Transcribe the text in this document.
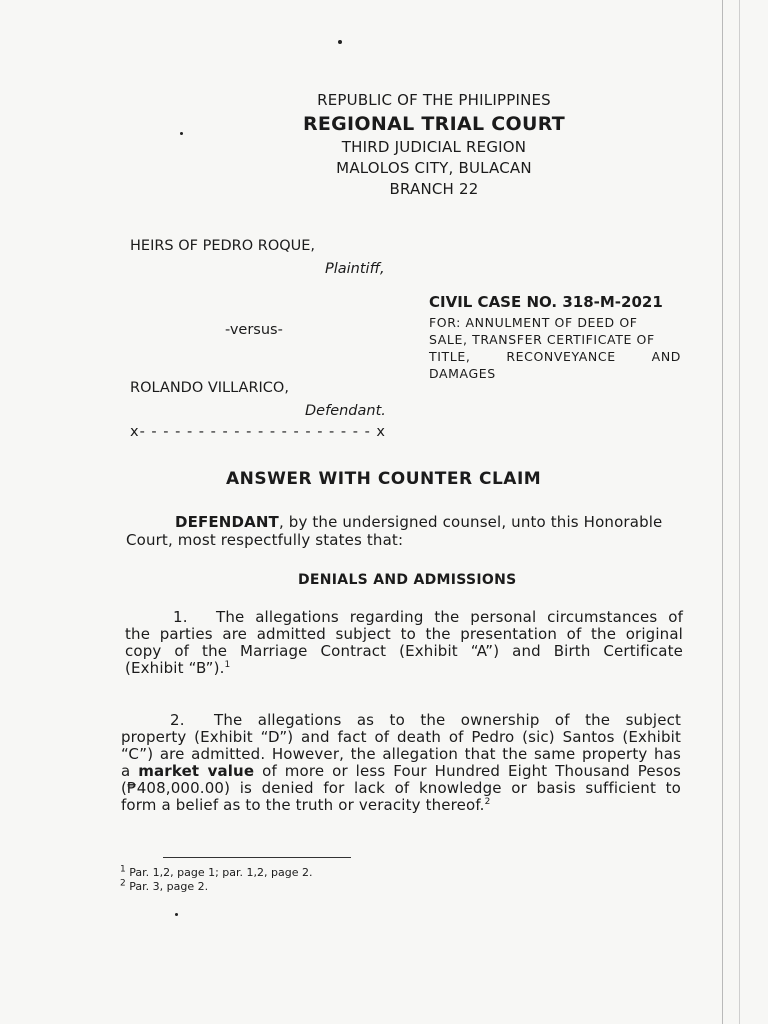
REPUBLIC OF THE PHILIPPINES
REGIONAL TRIAL COURT
THIRD JUDICIAL REGION
MALOLOS CITY, BULACAN
BRANCH 22
HEIRS OF PEDRO ROQUE,
Plaintiff,
CIVIL CASE NO. 318-M-2021
FOR: ANNULMENT OF DEED OF
SALE, TRANSFER CERTIFICATE OF
TITLE, RECONVEYANCE AND
DAMAGES
-versus-
ROLANDO VILLARICO,
Defendant.
x- - - - - - - - - - - - - - - - - - - - x
ANSWER WITH COUNTER CLAIM
DEFENDANT, by the undersigned counsel, unto this Honorable
Court, most respectfully states that:
DENIALS AND ADMISSIONS
1. The allegations regarding the personal circumstances of
the parties are admitted subject to the presentation of the original
copy of the Marriage Contract (Exhibit “A”) and Birth Certificate
(Exhibit “B”).$^1$
2. The allegations as to the ownership of the subject
property (Exhibit “D”) and fact of death of Pedro (sic) Santos (Exhibit
“C”) are admitted. However, the allegation that the same property has
a market value of more or less Four Hundred Eight Thousand Pesos
(₱408,000.00) is denied for lack of knowledge or basis sufficient to
form a belief as to the truth or veracity thereof.$^2$
$^1$ Par. 1,2, page 1; par. 1,2, page 2.
$^2$ Par. 3, page 2.
